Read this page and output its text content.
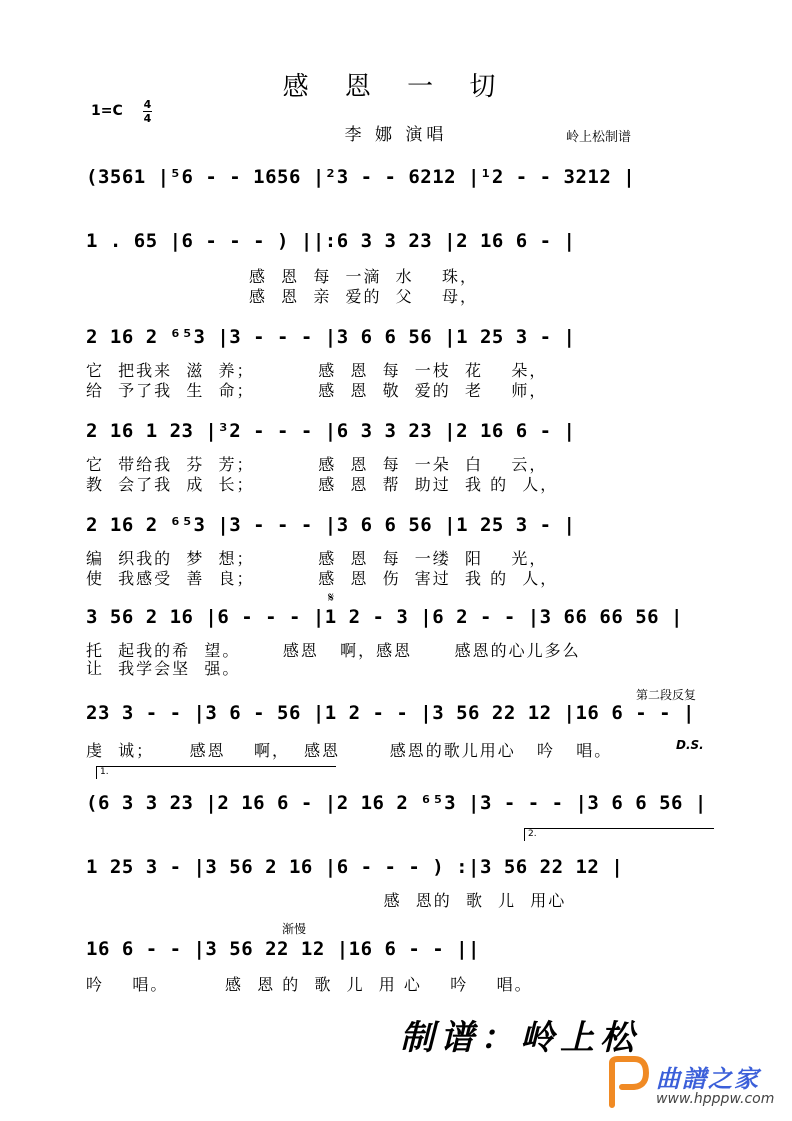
感 恩 一 切
1=C 4
4
李 娜 演唱	岭上松制谱
(3561 |⁵6 - - 1656 |²3 - - 6212 |¹2 - - 3212 |
1 . 65 |6 - - - ) ||:6 3 3 23 |2 16 6 - |
感  恩  每  一滴  水    珠，
感  恩  亲  爱的  父    母，
2 16 2 ⁶⁵3 |3 - - - |3 6 6 56 |1 25 3 - |
它  把我来  滋  养；         感  恩  每  一枝  花    朵，
给  予了我  生  命；         感  恩  敬  爱的  老    师，
2 16 1 23 |³2 - - - |6 3 3 23 |2 16 6 - |
它  带给我  芬  芳；         感  恩  每  一朵  白    云，
教  会了我  成  长；         感  恩  帮  助过  我 的  人，
2 16 2 ⁶⁵3 |3 - - - |3 6 6 56 |1 25 3 - |
编  织我的  梦  想；         感  恩  每  一缕  阳    光，
使  我感受  善  良；         感  恩  伤  害过  我 的  人，
𝄋
3 56 2 16 |6 - - - |1 2 - 3 |6 2 - - |3 66 66 56 |
托  起我的希  望。      感恩   啊，感恩      感恩的心儿多么
让  我学会坚  强。
第二段反复
23 3 - - |3 6 - 56 |1 2 - - |3 56 22 12 |16 6 - - |
虔  诚；     感恩    啊，  感恩       感恩的歌儿用心   吟   唱。	D.S.
1.
(6 3 3 23 |2 16 6 - |2 16 2 ⁶⁵3 |3 - - - |3 6 6 56 |
2.
1 25 3 - |3 56 2 16 |6 - - - ) :|3 56 22 12 |
感  恩的  歌  儿  用心
渐慢
16 6 - - |3 56 22 12 |16 6 - - ||
吟    唱。        感  恩 的  歌  儿  用 心    吟    唱。
制谱：岭上松
曲譜之家
www.hpppw.com
